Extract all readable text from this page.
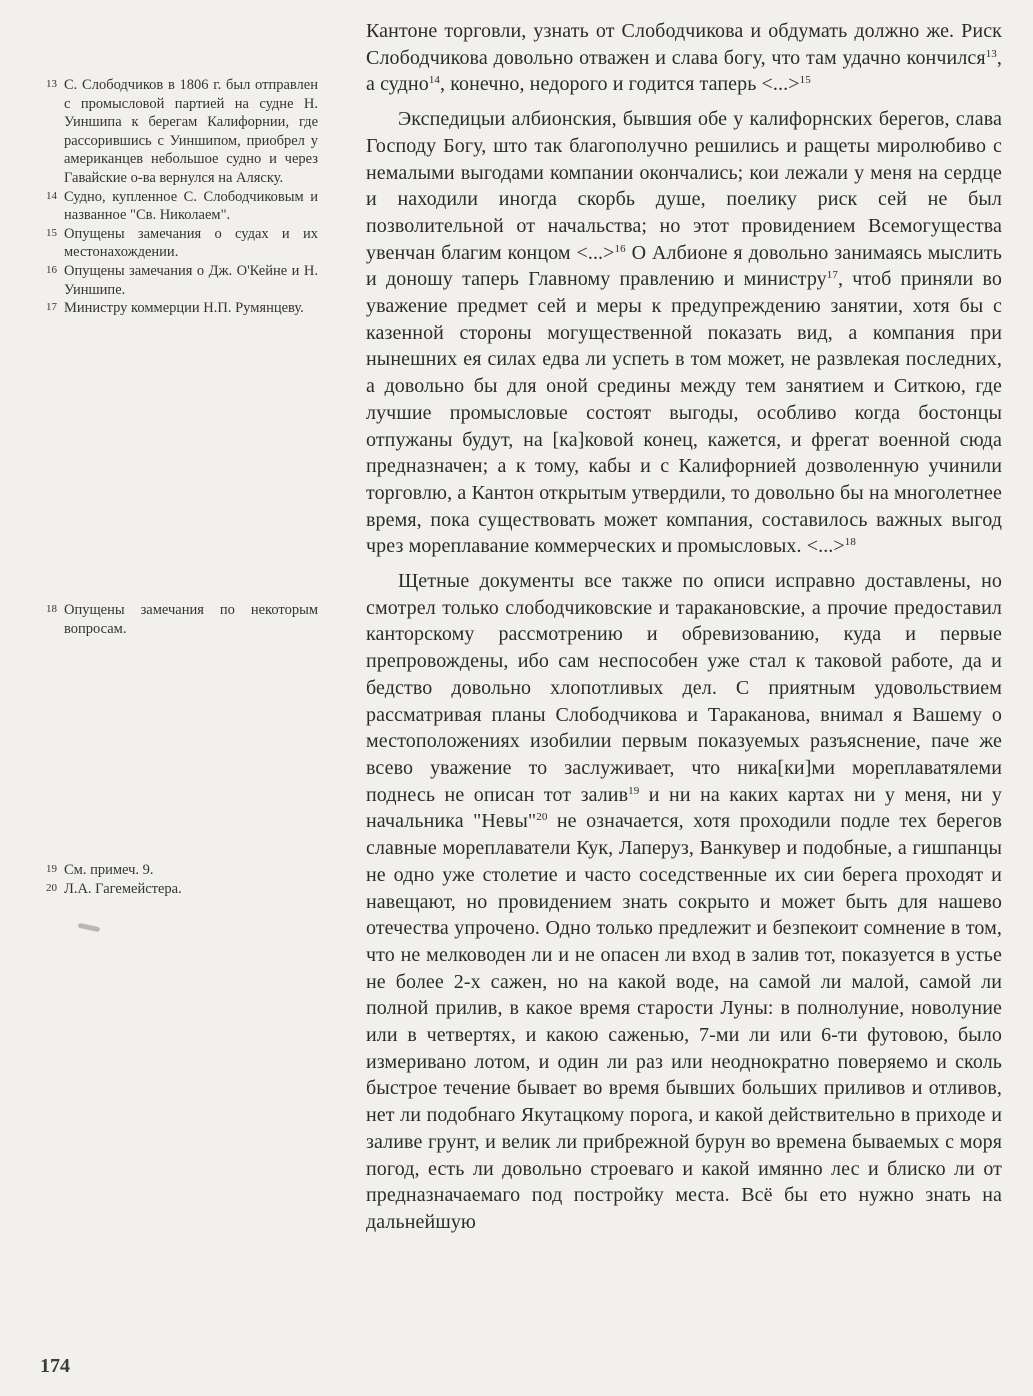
13 С. Слободчиков в 1806 г. был отправлен с промысловой партией на судне Н. Уиншипа к берегам Калифорнии, где рассорившись с Уиншипом, приобрел у американцев небольшое судно и через Гавайские о-ва вернулся на Аляску.
14 Судно, купленное С. Слободчиковым и названное "Св. Николаем".
15 Опущены замечания о судах и их местонахождении.
16 Опущены замечания о Дж. О'Кейне и Н. Уиншипе.
17 Министру коммерции Н.П. Румянцеву.
18 Опущены замечания по некоторым вопросам.
19 См. примеч. 9.
20 Л.А. Гагемейстера.

Кантоне торговли, узнать от Слободчикова и обдумать должно же. Риск Слободчикова довольно отважен и слава богу, что там удачно кончился$^{13}$, а судно$^{14}$, конечно, недорого и годится таперь <...>$^{15}$

Экспедицыи албионския, бывшия обе у калифорнских берегов, слава Господу Богу, што так благополучно решились и ращеты миролюбиво с немалыми выгодами компании окончались; кои лежали у меня на сердце и находили иногда скорбь душе, поелику риск сей не был позволительной от начальства; но этот провидением Всемогущества увенчан благим концом <...>$^{16}$ О Албионе я довольно занимаясь мыслить и доношу таперь Главному правлению и министру$^{17}$, чтоб приняли во уважение предмет сей и меры к предупреждению занятии, хотя бы с казенной стороны могущественной показать вид, а компания при нынешних ея силах едва ли успеть в том может, не развлекая последних, а довольно бы для оной средины между тем занятием и Ситкою, где лучшие промысловые состоят выгоды, особливо когда бостонцы отпужаны будут, на [ка]ковой конец, кажется, и фрегат военной сюда предназначен; а к тому, кабы и с Калифорнией дозволенную учинили торговлю, а Кантон открытым утвердили, то довольно бы на многолетнее время, пока существовать может компания, составилось важных выгод чрез мореплавание коммерческих и промысловых. <...>$^{18}$

Щетные документы все также по описи исправно доставлены, но смотрел только слободчиковские и таракановские, а прочие предоставил канторскому рассмотрению и обревизованию, куда и первые препровождены, ибо сам неспособен уже стал к таковой работе, да и бедство довольно хлопотливых дел. С приятным удовольствием рассматривая планы Слободчикова и Тараканова, внимал я Вашему о местоположениях изобилии первым показуемых разъяснение, паче же всево уважение то заслуживает, что ника[ки]ми мореплаватялеми поднесь не описан тот залив$^{19}$ и ни на каких картах ни у меня, ни у начальника "Невы"$^{20}$ не означается, хотя проходили подле тех берегов славные мореплаватели Кук, Лаперуз, Ванкувер и подобные, а гишпанцы не одно уже столетие и часто соседственные их сии берега проходят и навещают, но провидением знать сокрыто и может быть для нашево отечества упрочено. Одно только предлежит и безпекоит сомнение в том, что не мелководен ли и не опасен ли вход в залив тот, показуется в устье не более 2-х сажен, но на какой воде, на самой ли малой, самой ли полной прилив, в какое время старости Луны: в полнолуние, новолуние или в четвертях, и какою саженью, 7-ми ли или 6-ти футовою, было измеривано лотом, и один ли раз или неоднократно поверяемо и сколь быстрое течение бывает во время бывших больших приливов и отливов, нет ли подобнаго Якутацкому порога, и какой действительно в приходе и заливе грунт, и велик ли прибрежной бурун во времена бываемых с моря погод, есть ли довольно строеваго и какой имянно лес и блиско ли от предназначаемаго под постройку места. Всё бы ето нужно знать на дальнейшую

174
